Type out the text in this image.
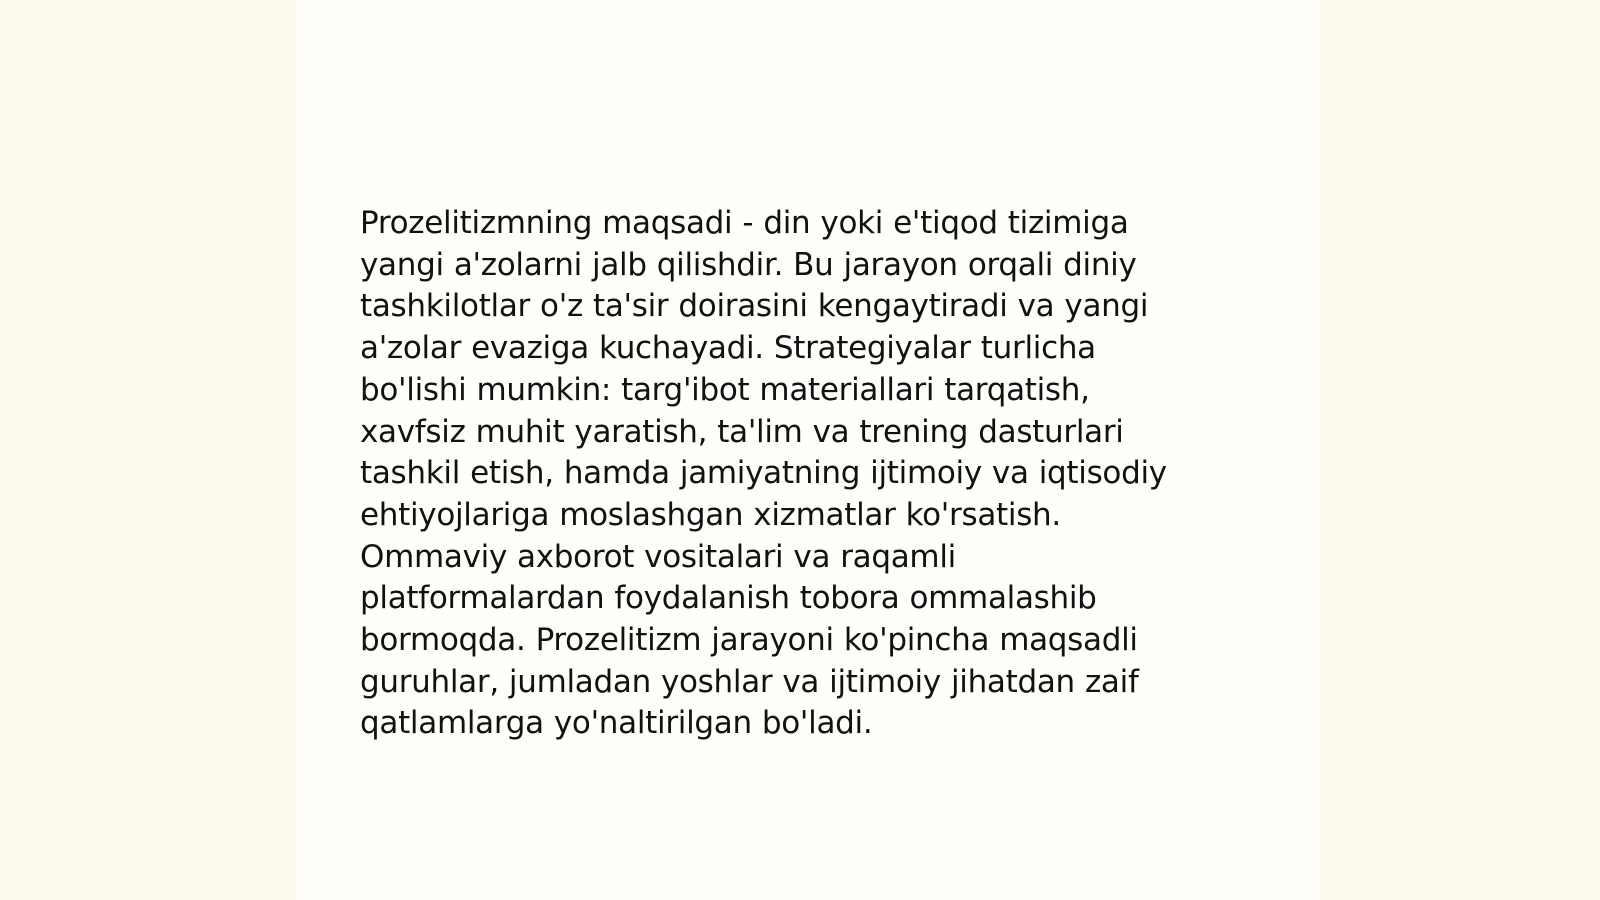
Prozelitizmning maqsadi - din yoki e'tiqod tizimiga
yangi a'zolarni jalb qilishdir. Bu jarayon orqali diniy
tashkilotlar o'z ta'sir doirasini kengaytiradi va yangi
a'zolar evaziga kuchayadi. Strategiyalar turlicha
bo'lishi mumkin: targ'ibot materiallari tarqatish,
xavfsiz muhit yaratish, ta'lim va trening dasturlari
tashkil etish, hamda jamiyatning ijtimoiy va iqtisodiy
ehtiyojlariga moslashgan xizmatlar ko'rsatish.
Ommaviy axborot vositalari va raqamli
platformalardan foydalanish tobora ommalashib
bormoqda. Prozelitizm jarayoni ko'pincha maqsadli
guruhlar, jumladan yoshlar va ijtimoiy jihatdan zaif
qatlamlarga yo'naltirilgan bo'ladi.
